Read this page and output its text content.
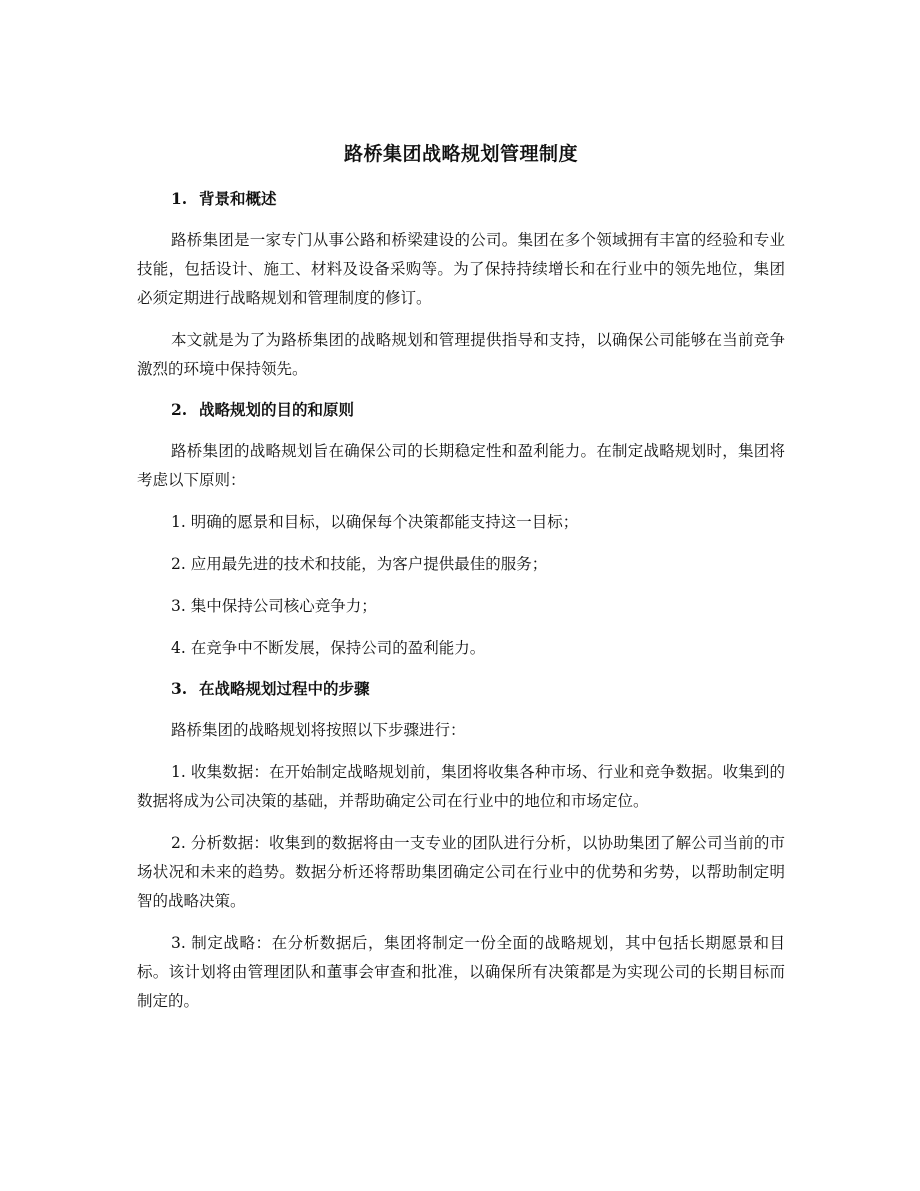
路桥集团战略规划管理制度
1. 背景和概述

路桥集团是一家专门从事公路和桥梁建设的公司。集团在多个领域拥有丰富的经验和专业技能，包括设计、施工、材料及设备采购等。为了保持持续增长和在行业中的领先地位，集团必须定期进行战略规划和管理制度的修订。

本文就是为了为路桥集团的战略规划和管理提供指导和支持，以确保公司能够在当前竞争激烈的环境中保持领先。

2. 战略规划的目的和原则

路桥集团的战略规划旨在确保公司的长期稳定性和盈利能力。在制定战略规划时，集团将考虑以下原则：

1. 明确的愿景和目标，以确保每个决策都能支持这一目标；

2. 应用最先进的技术和技能，为客户提供最佳的服务；

3. 集中保持公司核心竞争力；

4. 在竞争中不断发展，保持公司的盈利能力。

3. 在战略规划过程中的步骤

路桥集团的战略规划将按照以下步骤进行：

1. 收集数据：在开始制定战略规划前，集团将收集各种市场、行业和竞争数据。收集到的数据将成为公司决策的基础，并帮助确定公司在行业中的地位和市场定位。

2. 分析数据：收集到的数据将由一支专业的团队进行分析，以协助集团了解公司当前的市场状况和未来的趋势。数据分析还将帮助集团确定公司在行业中的优势和劣势，以帮助制定明智的战略决策。

3. 制定战略：在分析数据后，集团将制定一份全面的战略规划，其中包括长期愿景和目标。该计划将由管理团队和董事会审查和批准，以确保所有决策都是为实现公司的长期目标而制定的。
